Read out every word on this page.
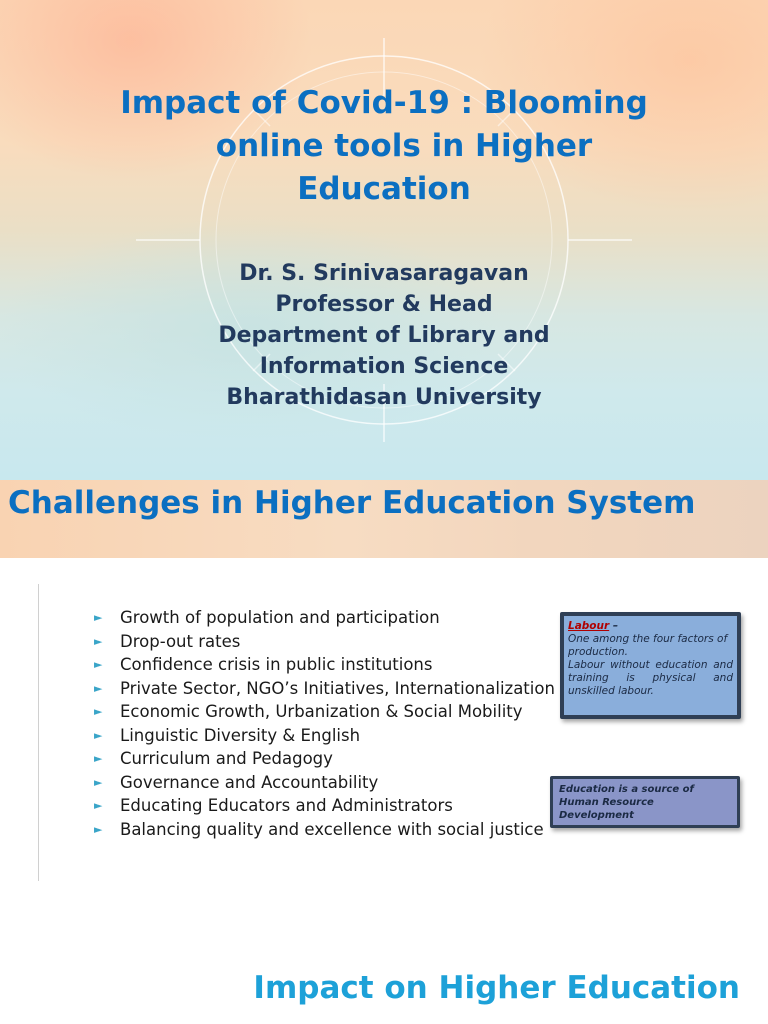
Impact of Covid-19 : Blooming
online tools in Higher
Education
Dr. S. Srinivasaragavan
Professor & Head
Department of Library and
Information Science
Bharathidasan University
Challenges in Higher Education System
► Growth of population and participation
► Drop-out rates
► Confidence crisis in public institutions
► Private Sector, NGO’s Initiatives, Internationalization
► Economic Growth, Urbanization & Social Mobility
► Linguistic Diversity & English
► Curriculum and Pedagogy
► Governance and Accountability
► Educating Educators and Administrators
► Balancing quality and excellence with social justice
Labour –
One among the four factors of production.
Labour without education and training is physical and unskilled labour.
Education is a source of Human Resource Development
Impact on Higher Education
